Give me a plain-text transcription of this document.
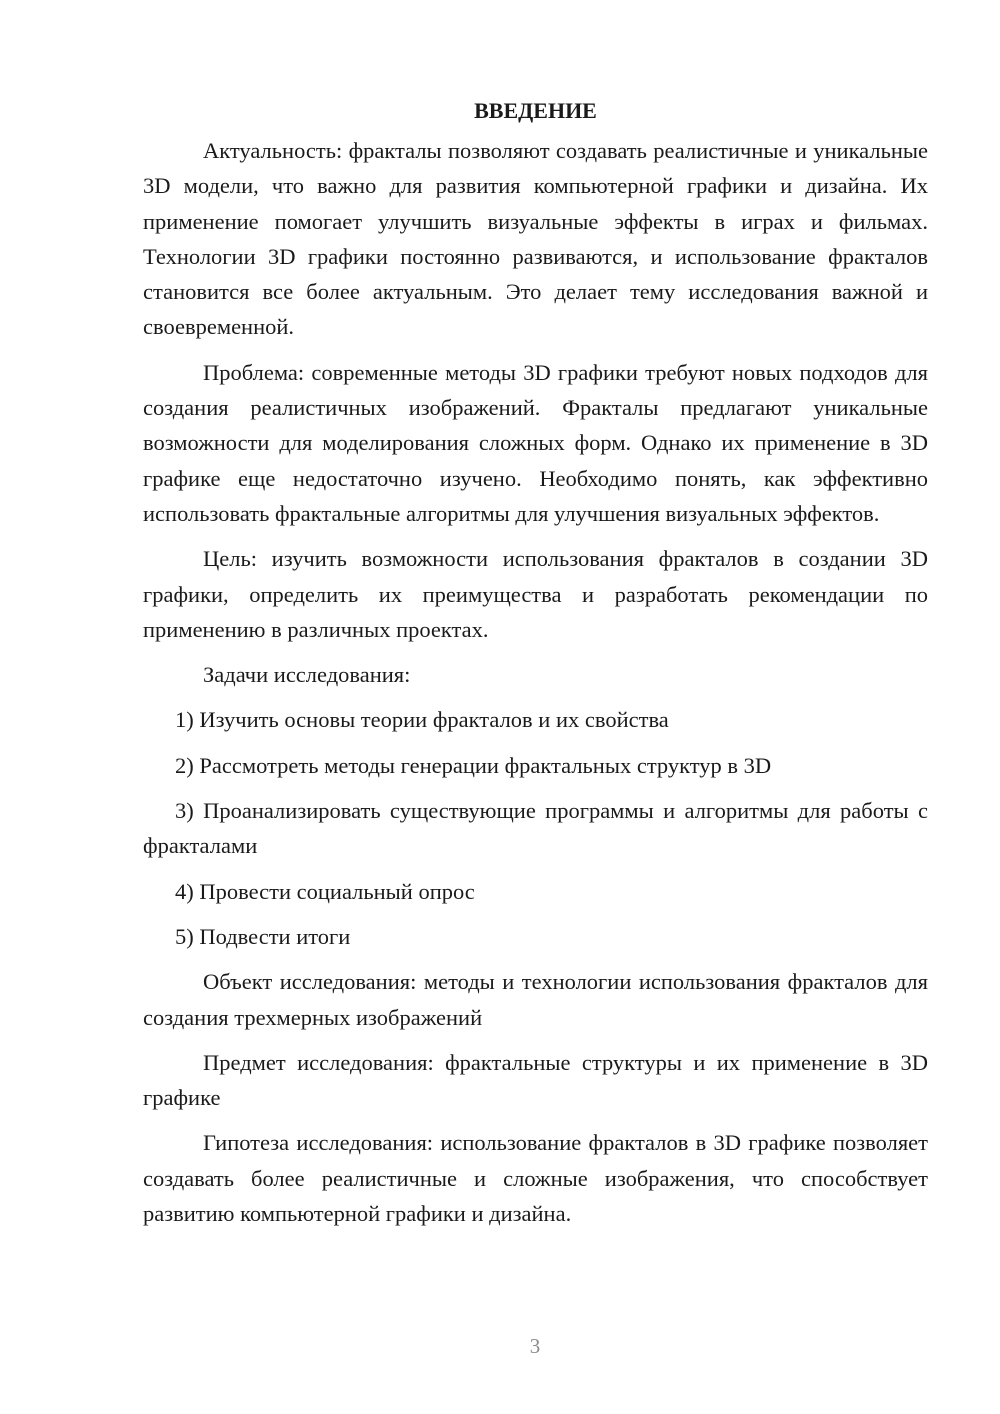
ВВЕДЕНИЕ

Актуальность: фракталы позволяют создавать реалистичные и уникальные 3D модели, что важно для развития компьютерной графики и дизайна. Их применение помогает улучшить визуальные эффекты в играх и фильмах. Технологии 3D графики постоянно развиваются, и использование фракталов становится все более актуальным. Это делает тему исследования важной и своевременной.

Проблема: современные методы 3D графики требуют новых подходов для создания реалистичных изображений. Фракталы предлагают уникальные возможности для моделирования сложных форм. Однако их применение в 3D графике еще недостаточно изучено. Необходимо понять, как эффективно использовать фрактальные алгоритмы для улучшения визуальных эффектов.

Цель: изучить возможности использования фракталов в создании 3D графики, определить их преимущества и разработать рекомендации по применению в различных проектах.

Задачи исследования:

1) Изучить основы теории фракталов и их свойства

2) Рассмотреть методы генерации фрактальных структур в 3D

3) Проанализировать существующие программы и алгоритмы для работы с фракталами

4) Провести социальный опрос

5) Подвести итоги

Объект исследования: методы и технологии использования фракталов для создания трехмерных изображений

Предмет исследования: фрактальные структуры и их применение в 3D графике

Гипотеза исследования: использование фракталов в 3D графике позволяет создавать более реалистичные и сложные изображения, что способствует развитию компьютерной графики и дизайна.

3
